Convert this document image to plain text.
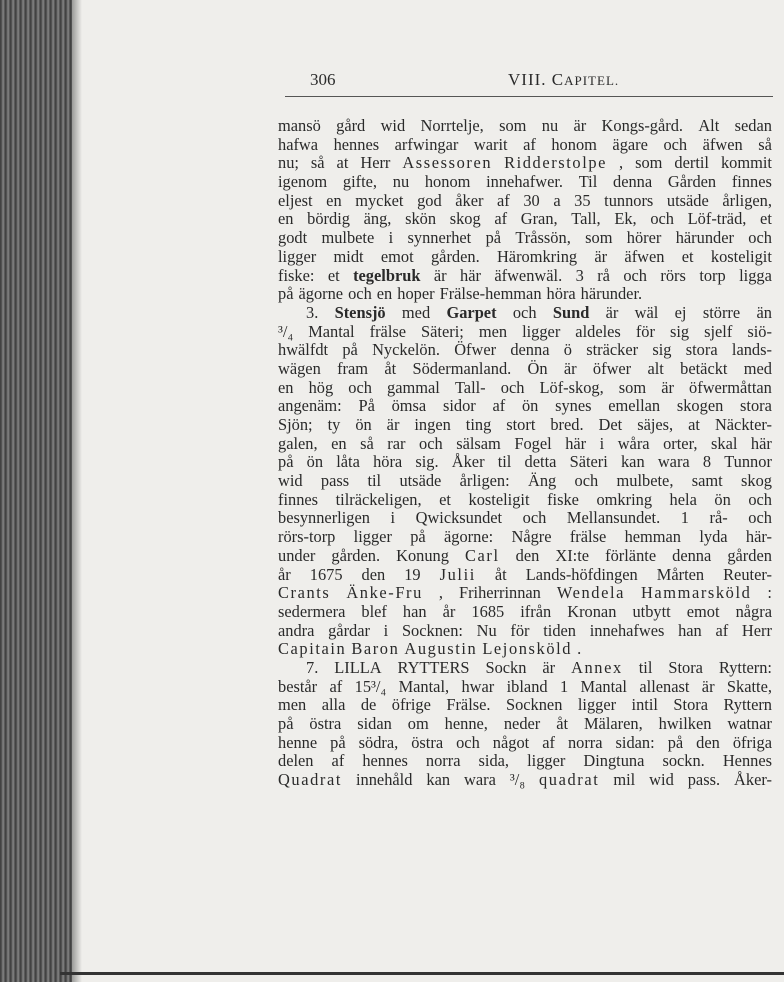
306	VIII. CAPITEL.
mansö gård wid Norrtelje, som nu är Kongs-gård. Alt sedan
hafwa hennes arfwingar warit af honom ägare och äfwen så
nu; så at Herr Assessoren Ridderstolpe , som dertil kommit
igenom gifte, nu honom innehafwer. Til denna Gården finnes
eljest en mycket god åker af 30 a 35 tunnors utsäde årligen,
en bördig äng, skön skog af Gran, Tall, Ek, och Löf-träd, et
godt mulbete i synnerhet på Tråssön, som hörer härunder och
ligger midt emot gården. Häromkring är äfwen et kosteligit
fiske: et tegelbruk är här äfwenwäl. 3 rå och rörs torp ligga
på ägorne och en hoper Frälse-hemman höra härunder.
3. Stensjö med Garpet och Sund är wäl ej större än
³/₄ Mantal frälse Säteri; men ligger aldeles för sig sjelf siö-
hwälfdt på Nyckelön. Öfwer denna ö sträcker sig stora lands-
wägen fram åt Södermanland. Ön är öfwer alt betäckt med
en hög och gammal Tall- och Löf-skog, som är öfwermåttan
angenäm: På ömsa sidor af ön synes emellan skogen stora
Sjön; ty ön är ingen ting stort bred. Det säjes, at Näckter-
galen, en så rar och sälsam Fogel här i wåra orter, skal här
på ön låta höra sig. Åker til detta Säteri kan wara 8 Tunnor
wid pass til utsäde årligen: Äng och mulbete, samt skog
finnes tilräckeligen, et kosteligit fiske omkring hela ön och
besynnerligen i Qwicksundet och Mellansundet. 1 rå- och
rörs-torp ligger på ägorne: Någre frälse hemman lyda här-
under gården. Konung Carl den XI:te förlänte denna gården
år 1675 den 19 Julii åt Lands-höfdingen Mårten Reuter-
Crants Änke-Fru , Friherrinnan Wendela Hammarsköld :
sedermera blef han år 1685 ifrån Kronan utbytt emot några
andra gårdar i Socknen: Nu för tiden innehafwes han af Herr
Capitain Baron Augustin Lejonsköld .
7. LILLA RYTTERS Sockn är Annex til Stora Ryttern:
består af 15³/₄ Mantal, hwar ibland 1 Mantal allenast är Skatte,
men alla de öfrige Frälse. Socknen ligger intil Stora Ryttern
på östra sidan om henne, neder åt Mälaren, hwilken watnar
henne på södra, östra och något af norra sidan: på den öfriga
delen af hennes norra sida, ligger Dingtuna sockn. Hennes
Quadrat innehåld kan wara ³/₈ quadrat mil wid pass. Åker-
